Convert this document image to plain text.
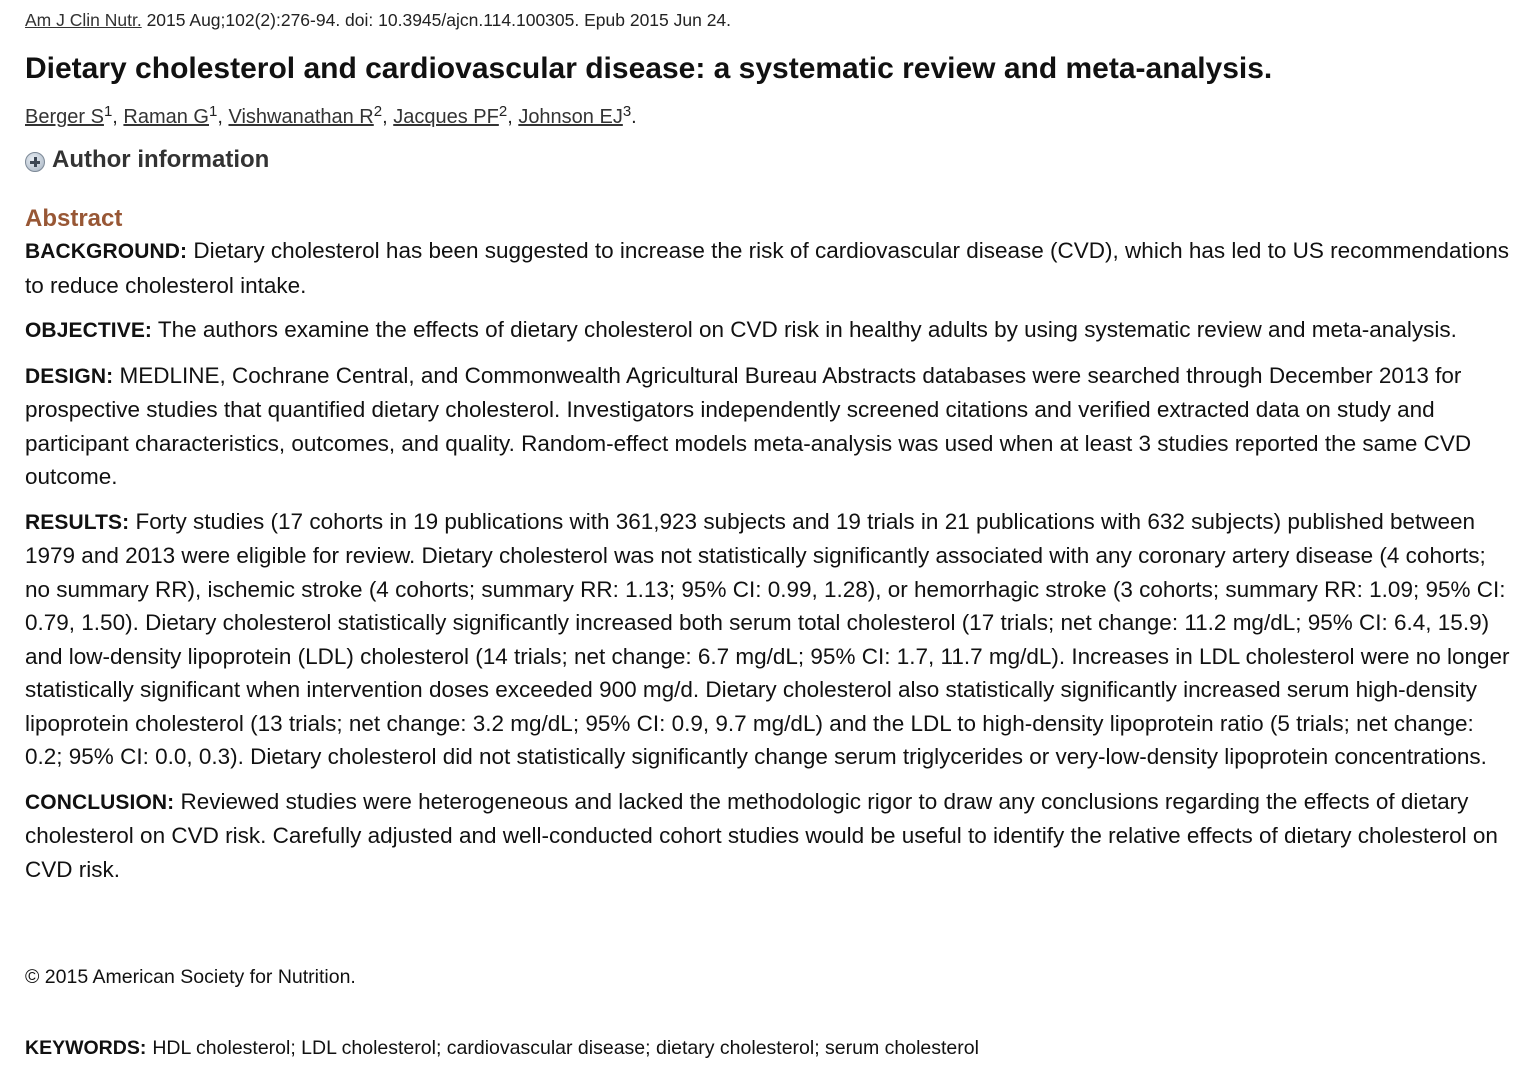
Am J Clin Nutr. 2015 Aug;102(2):276-94. doi: 10.3945/ajcn.114.100305. Epub 2015 Jun 24.
Dietary cholesterol and cardiovascular disease: a systematic review and meta-analysis.
Berger $S^1$, Raman $G^1$, Vishwanathan $R^2$, Jacques $PF^2$, Johnson $EJ^3$.
Author information
Abstract

BACKGROUND: Dietary cholesterol has been suggested to increase the risk of cardiovascular disease (CVD), which has led to US recommendations to reduce cholesterol intake.

OBJECTIVE: The authors examine the effects of dietary cholesterol on CVD risk in healthy adults by using systematic review and meta-analysis.

DESIGN: MEDLINE, Cochrane Central, and Commonwealth Agricultural Bureau Abstracts databases were searched through December 2013 for prospective studies that quantified dietary cholesterol. Investigators independently screened citations and verified extracted data on study and participant characteristics, outcomes, and quality. Random-effect models meta-analysis was used when at least 3 studies reported the same CVD outcome.

RESULTS: Forty studies (17 cohorts in 19 publications with 361,923 subjects and 19 trials in 21 publications with 632 subjects) published between 1979 and 2013 were eligible for review. Dietary cholesterol was not statistically significantly associated with any coronary artery disease (4 cohorts; no summary RR), ischemic stroke (4 cohorts; summary RR: 1.13; 95% CI: 0.99, 1.28), or hemorrhagic stroke (3 cohorts; summary RR: 1.09; 95% CI: 0.79, 1.50). Dietary cholesterol statistically significantly increased both serum total cholesterol (17 trials; net change: 11.2 mg/dL; 95% CI: 6.4, 15.9) and low-density lipoprotein (LDL) cholesterol (14 trials; net change: 6.7 mg/dL; 95% CI: 1.7, 11.7 mg/dL). Increases in LDL cholesterol were no longer statistically significant when intervention doses exceeded 900 mg/d. Dietary cholesterol also statistically significantly increased serum high-density lipoprotein cholesterol (13 trials; net change: 3.2 mg/dL; 95% CI: 0.9, 9.7 mg/dL) and the LDL to high-density lipoprotein ratio (5 trials; net change: 0.2; 95% CI: 0.0, 0.3). Dietary cholesterol did not statistically significantly change serum triglycerides or very-low-density lipoprotein concentrations.

CONCLUSION: Reviewed studies were heterogeneous and lacked the methodologic rigor to draw any conclusions regarding the effects of dietary cholesterol on CVD risk. Carefully adjusted and well-conducted cohort studies would be useful to identify the relative effects of dietary cholesterol on CVD risk.

© 2015 American Society for Nutrition.
KEYWORDS: HDL cholesterol; LDL cholesterol; cardiovascular disease; dietary cholesterol; serum cholesterol
